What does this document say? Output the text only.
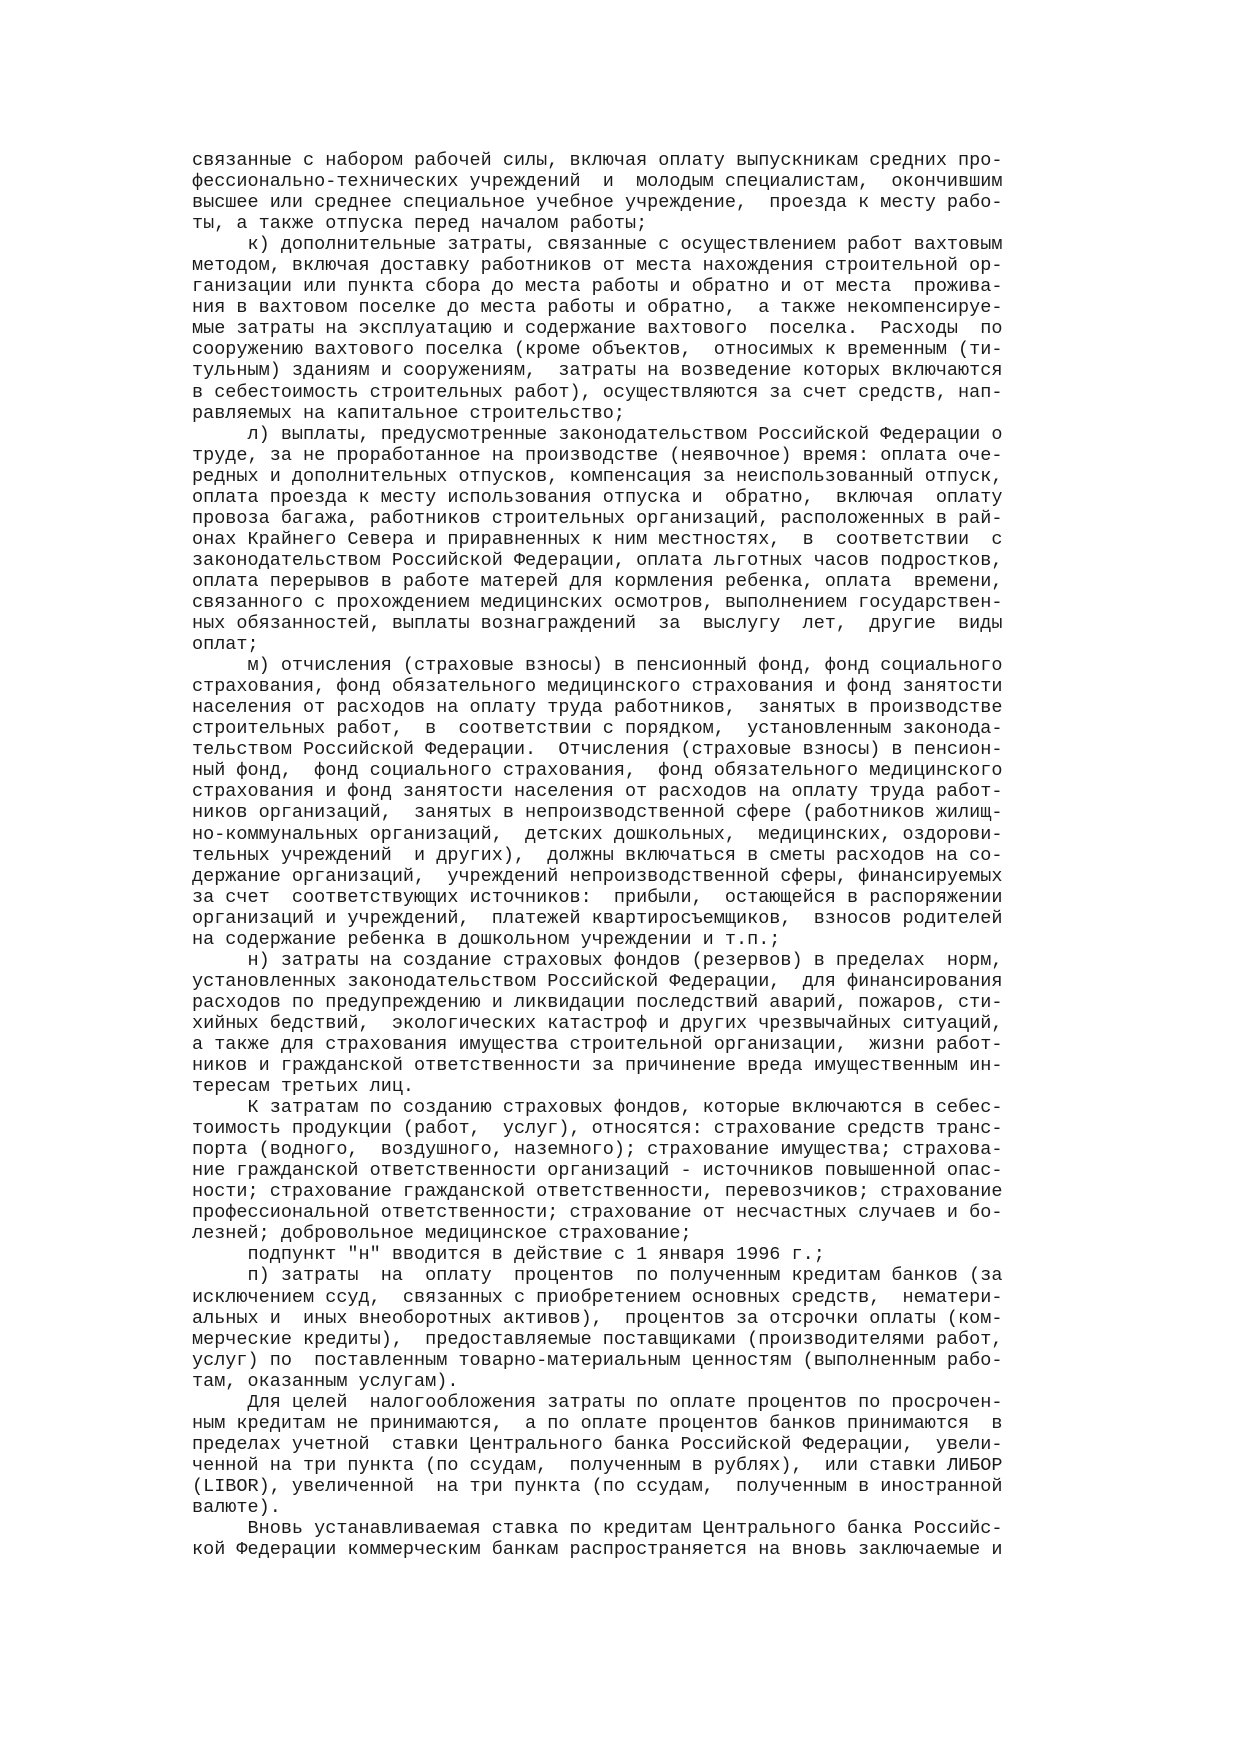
связанные с набором рабочей силы, включая оплату выпускникам средних про-
фессионально-технических учреждений  и  молодым специалистам,  окончившим
высшее или среднее специальное учебное учреждение,  проезда к месту рабо-
ты, а также отпуска перед началом работы;
к) дополнительные затраты, связанные с осуществлением работ вахтовым
методом, включая доставку работников от места нахождения строительной ор-
ганизации или пункта сбора до места работы и обратно и от места  прожива-
ния в вахтовом поселке до места работы и обратно,  а также некомпенсируе-
мые затраты на эксплуатацию и содержание вахтового  поселка.  Расходы  по
сооружению вахтового поселка (кроме объектов,  относимых к временным (ти-
тульным) зданиям и сооружениям,  затраты на возведение которых включаются
в себестоимость строительных работ), осуществляются за счет средств, нап-
равляемых на капитальное строительство;
л) выплаты, предусмотренные законодательством Российской Федерации о
труде, за не проработанное на производстве (неявочное) время: оплата оче-
редных и дополнительных отпусков, компенсация за неиспользованный отпуск,
оплата проезда к месту использования отпуска и  обратно,  включая  оплату
провоза багажа, работников строительных организаций, расположенных в рай-
онах Крайнего Севера и приравненных к ним местностях,  в  соответствии  с
законодательством Российской Федерации, оплата льготных часов подростков,
оплата перерывов в работе матерей для кормления ребенка, оплата  времени,
связанного с прохождением медицинских осмотров, выполнением государствен-
ных обязанностей, выплаты вознаграждений  за  выслугу  лет,  другие  виды
оплат;
м) отчисления (страховые взносы) в пенсионный фонд, фонд социального
страхования, фонд обязательного медицинского страхования и фонд занятости
населения от расходов на оплату труда работников,  занятых в производстве
строительных работ,  в  соответствии с порядком,  установленным законода-
тельством Российской Федерации.  Отчисления (страховые взносы) в пенсион-
ный фонд,  фонд социального страхования,  фонд обязательного медицинского
страхования и фонд занятости населения от расходов на оплату труда работ-
ников организаций,  занятых в непроизводственной сфере (работников жилищ-
но-коммунальных организаций,  детских дошкольных,  медицинских, оздорови-
тельных учреждений  и других),  должны включаться в сметы расходов на со-
держание организаций,  учреждений непроизводственной сферы, финансируемых
за счет  соответствующих источников:  прибыли,  остающейся в распоряжении
организаций и учреждений,  платежей квартиросъемщиков,  взносов родителей
на содержание ребенка в дошкольном учреждении и т.п.;
н) затраты на создание страховых фондов (резервов) в пределах  норм,
установленных законодательством Российской Федерации,  для финансирования
расходов по предупреждению и ликвидации последствий аварий, пожаров, сти-
хийных бедствий,  экологических катастроф и других чрезвычайных ситуаций,
а также для страхования имущества строительной организации,  жизни работ-
ников и гражданской ответственности за причинение вреда имущественным ин-
тересам третьих лиц.
К затратам по созданию страховых фондов, которые включаются в себес-
тоимость продукции (работ,  услуг), относятся: страхование средств транс-
порта (водного,  воздушного, наземного); страхование имущества; страхова-
ние гражданской ответственности организаций - источников повышенной опас-
ности; страхование гражданской ответственности, перевозчиков; страхование
профессиональной ответственности; страхование от несчастных случаев и бо-
лезней; добровольное медицинское страхование;
подпункт "н" вводится в действие с 1 января 1996 г.;
п) затраты  на  оплату  процентов  по полученным кредитам банков (за
исключением ссуд,  связанных с приобретением основных средств,  нематери-
альных и  иных внеоборотных активов),  процентов за отсрочки оплаты (ком-
мерческие кредиты),  предоставляемые поставщиками (производителями работ,
услуг) по  поставленным товарно-материальным ценностям (выполненным рабо-
там, оказанным услугам).
Для целей  налогообложения затраты по оплате процентов по просрочен-
ным кредитам не принимаются,  а по оплате процентов банков принимаются  в
пределах учетной  ставки Центрального банка Российской Федерации,  увели-
ченной на три пункта (по ссудам,  полученным в рублях),  или ставки ЛИБОР
(LIBOR), увеличенной  на три пункта (по ссудам,  полученным в иностранной
валюте).
Вновь устанавливаемая ставка по кредитам Центрального банка Российс-
кой Федерации коммерческим банкам распространяется на вновь заключаемые и
